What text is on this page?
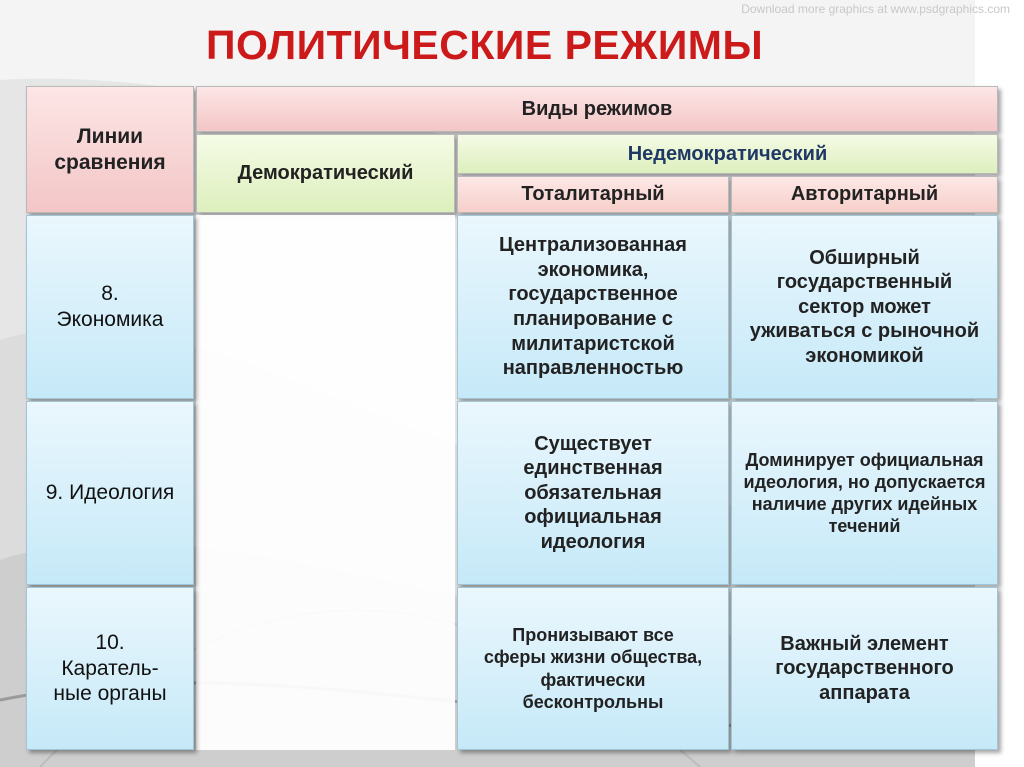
Download more graphics at www.psdgraphics.com
ПОЛИТИЧЕСКИЕ РЕЖИМЫ
Линии сравнения
Виды режимов
Демократический
Недемократический
Тоталитарный	Авторитарный
8. Экономика
Централизованная экономика, государственное планирование с милитаристской направленностью
Обширный государственный сектор может уживаться с рыночной экономикой
9. Идеология
Существует единственная обязательная официальная идеология
Доминирует официальная идеология, но допускается наличие других идейных течений
10. Каратель-ные органы
Пронизывают все сферы жизни общества, фактически бесконтрольны
Важный элемент государственного аппарата
